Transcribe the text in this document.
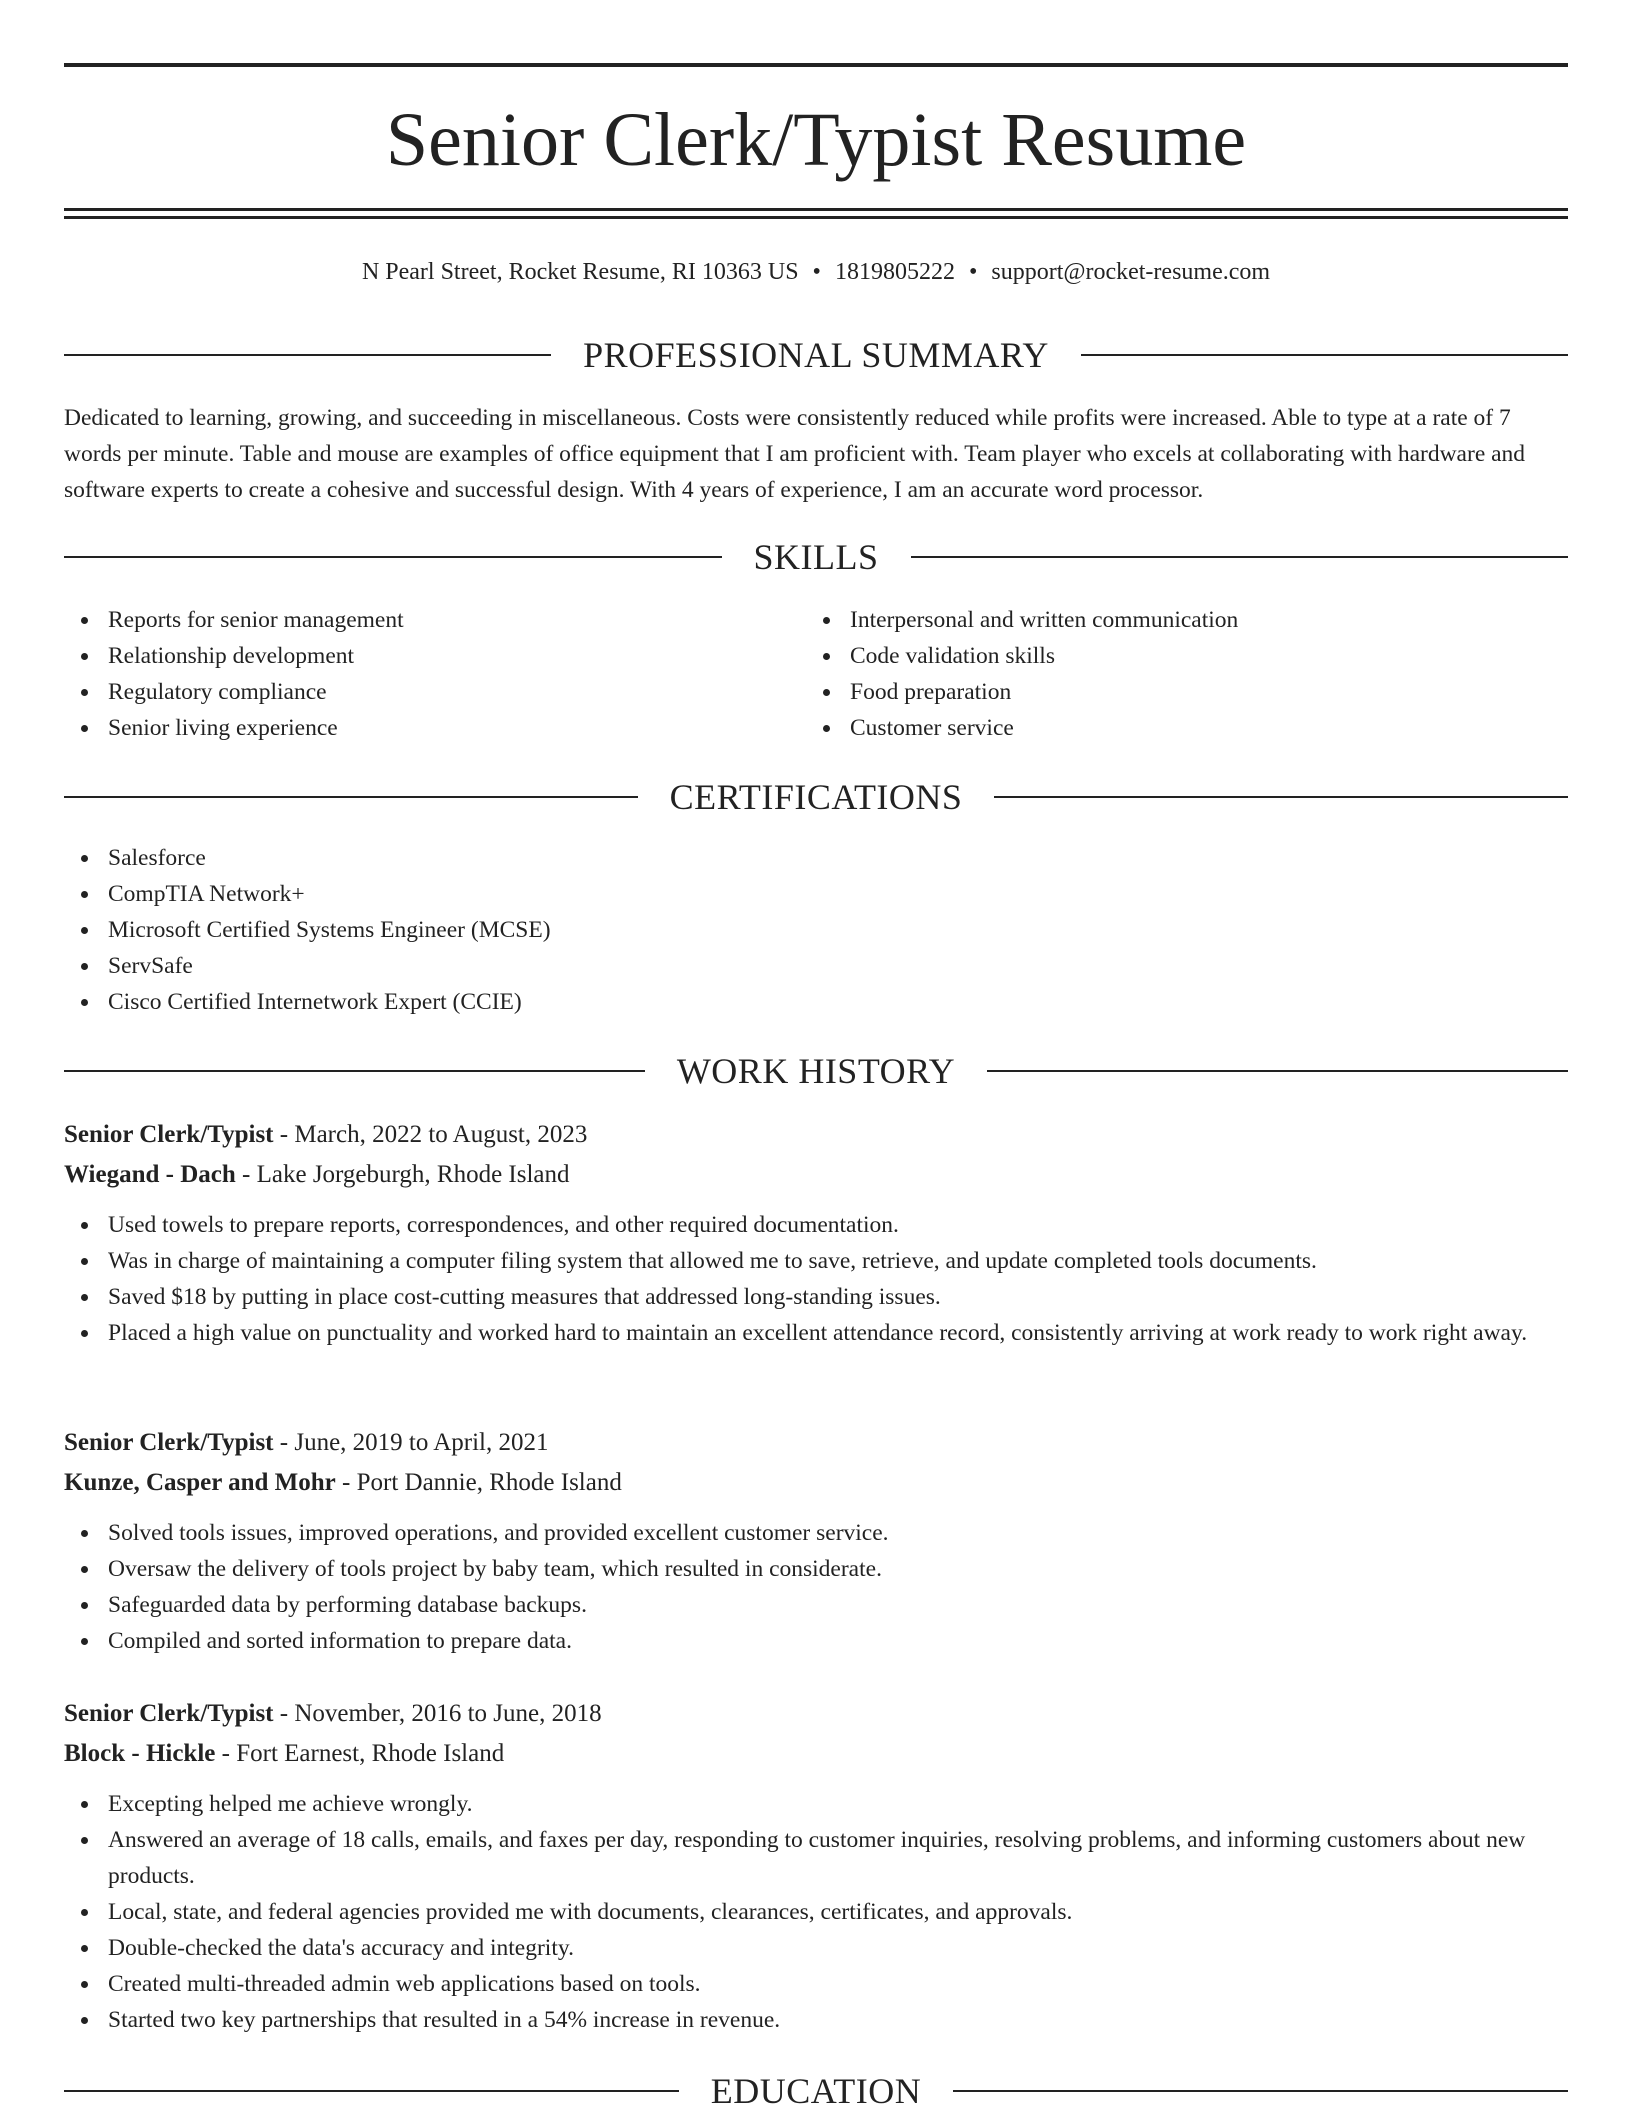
Senior Clerk/Typist Resume
N Pearl Street, Rocket Resume, RI 10363 US • 1819805222 • support@rocket-resume.com
PROFESSIONAL SUMMARY

Dedicated to learning, growing, and succeeding in miscellaneous. Costs were consistently reduced while profits were increased. Able to type at a rate of 7 words per minute. Table and mouse are examples of office equipment that I am proficient with. Team player who excels at collaborating with hardware and software experts to create a cohesive and successful design. With 4 years of experience, I am an accurate word processor.

SKILLS
Reports for senior management
Relationship development
Regulatory compliance
Senior living experience
Interpersonal and written communication
Code validation skills
Food preparation
Customer service
CERTIFICATIONS
Salesforce
CompTIA Network+
Microsoft Certified Systems Engineer (MCSE)
ServSafe
Cisco Certified Internetwork Expert (CCIE)
WORK HISTORY
Senior Clerk/Typist - March, 2022 to August, 2023
Wiegand - Dach - Lake Jorgeburgh, Rhode Island
Used towels to prepare reports, correspondences, and other required documentation.
Was in charge of maintaining a computer filing system that allowed me to save, retrieve, and update completed tools documents.
Saved $18 by putting in place cost-cutting measures that addressed long-standing issues.
Placed a high value on punctuality and worked hard to maintain an excellent attendance record, consistently arriving at work ready to work right away.
Senior Clerk/Typist - June, 2019 to April, 2021
Kunze, Casper and Mohr - Port Dannie, Rhode Island
Solved tools issues, improved operations, and provided excellent customer service.
Oversaw the delivery of tools project by baby team, which resulted in considerate.
Safeguarded data by performing database backups.
Compiled and sorted information to prepare data.
Senior Clerk/Typist - November, 2016 to June, 2018
Block - Hickle - Fort Earnest, Rhode Island
Excepting helped me achieve wrongly.
Answered an average of 18 calls, emails, and faxes per day, responding to customer inquiries, resolving problems, and informing customers about new products.
Local, state, and federal agencies provided me with documents, clearances, certificates, and approvals.
Double-checked the data's accuracy and integrity.
Created multi-threaded admin web applications based on tools.
Started two key partnerships that resulted in a 54% increase in revenue.
EDUCATION
